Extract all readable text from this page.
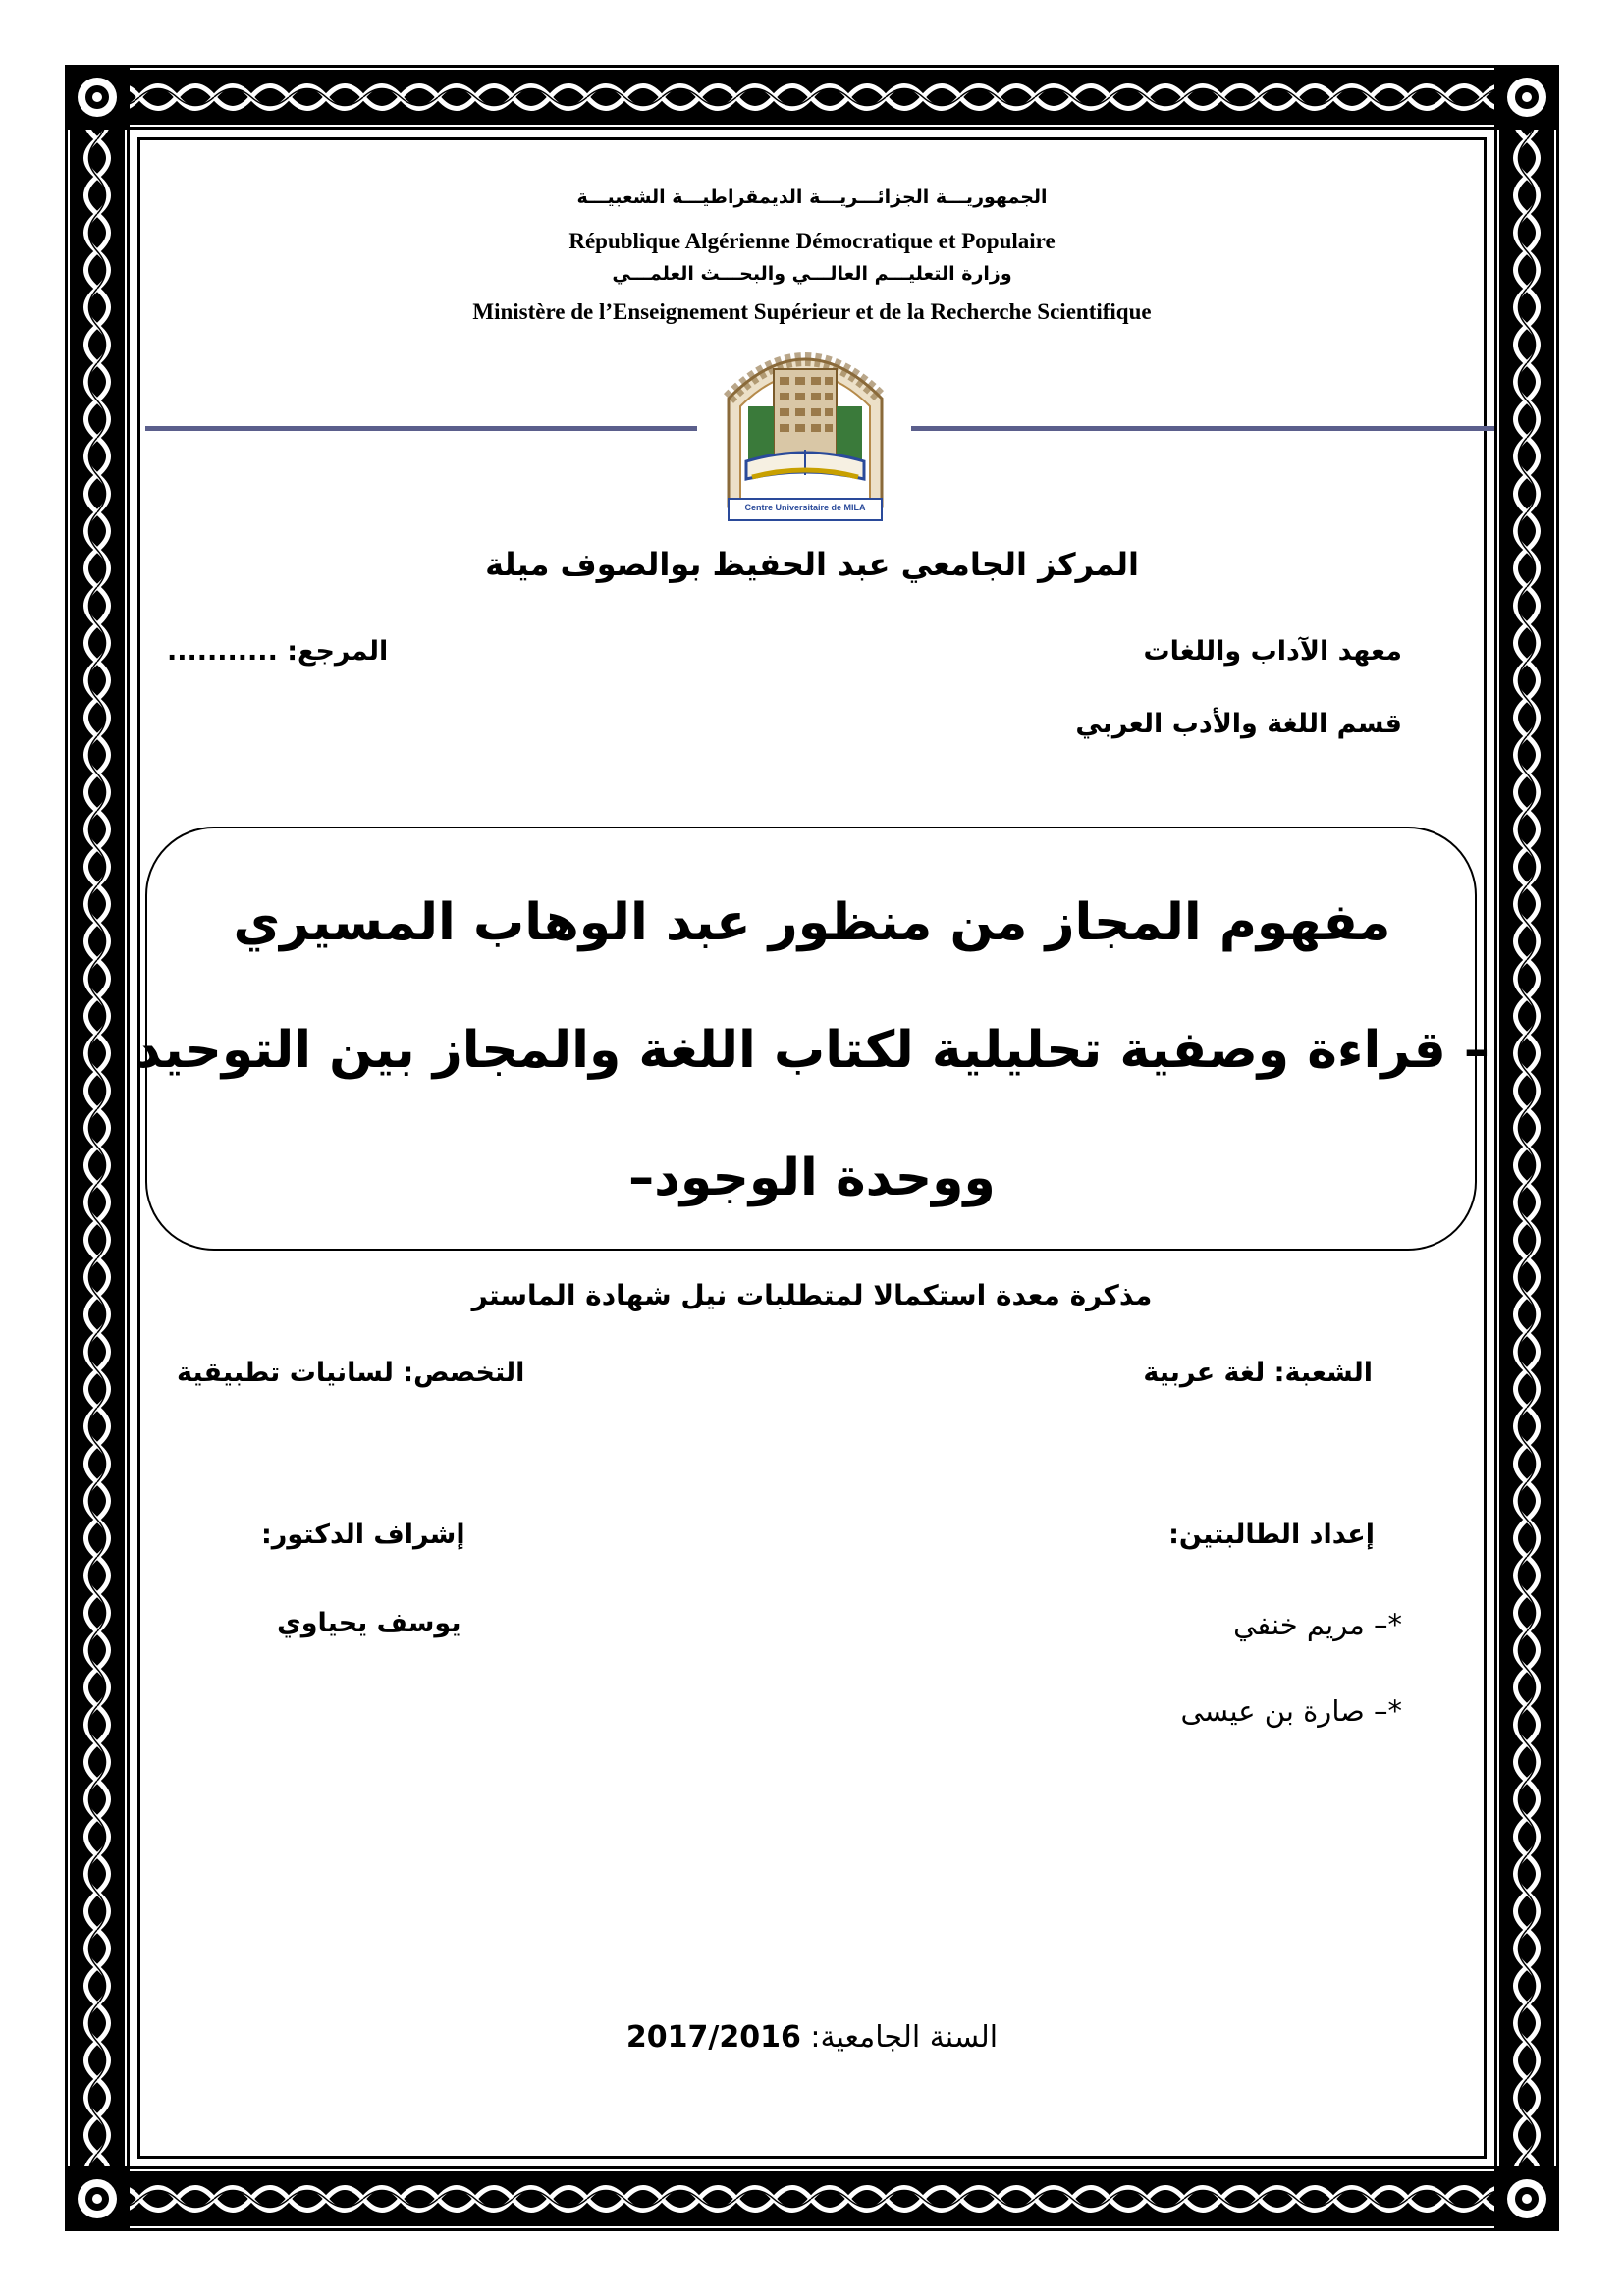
الجمهوريـــة الجزائـــريـــة الديمقراطيـــة الشعبيـــة
République Algérienne Démocratique et Populaire
وزارة التعليـــم العالـــي والبحـــث العلمـــي
Ministère de l’Enseignement Supérieur et de la Recherche Scientifique
Centre Universitaire de MILA
المركز الجامعي عبد الحفيظ بوالصوف ميلة
معهد الآداب واللغات
المرجع: ...........
قسم اللغة والأدب العربي
مفهوم المجاز من منظور عبد الوهاب المسيري
– قراءة وصفية تحليلية لكتاب اللغة والمجاز بين التوحيد
ووحدة الوجود–
مذكرة معدة استكمالا لمتطلبات نيل شهادة الماستر
الشعبة: لغة عربية
التخصص: لسانيات تطبيقية
إعداد الطالبتين:
إشراف الدكتور:
*– مريم خنفي
يوسف يحياوي
*– صارة بن عيسى
السنة الجامعية: 2017/2016
